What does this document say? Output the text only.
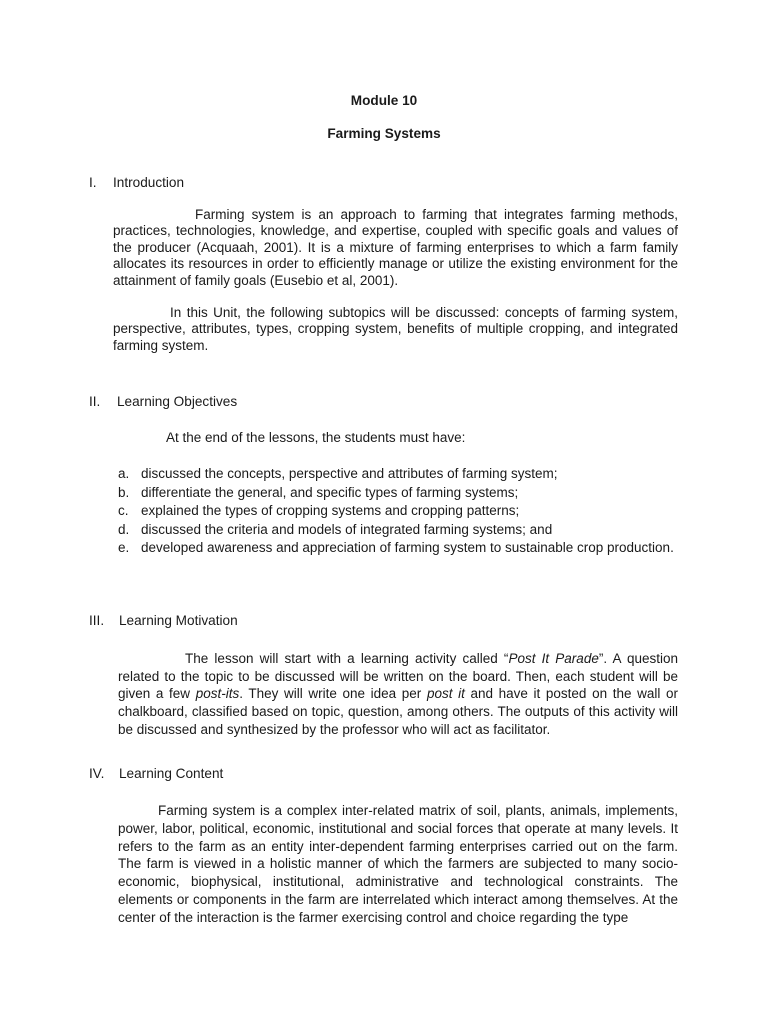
Module 10
Farming Systems
I. Introduction

Farming system is an approach to farming that integrates farming methods, practices, technologies, knowledge, and expertise, coupled with specific goals and values of the producer (Acquaah, 2001). It is a mixture of farming enterprises to which a farm family allocates its resources in order to efficiently manage or utilize the existing environment for the attainment of family goals (Eusebio et al, 2001).

In this Unit, the following subtopics will be discussed: concepts of farming system, perspective, attributes, types, cropping system, benefits of multiple cropping, and integrated farming system.

II. Learning Objectives

At the end of the lessons, the students must have:

a. discussed the concepts, perspective and attributes of farming system;
b. differentiate the general, and specific types of farming systems;
c. explained the types of cropping systems and cropping patterns;
d. discussed the criteria and models of integrated farming systems; and
e. developed awareness and appreciation of farming system to sustainable crop production.
III. Learning Motivation

The lesson will start with a learning activity called “Post It Parade”. A question related to the topic to be discussed will be written on the board. Then, each student will be given a few post-its. They will write one idea per post it and have it posted on the wall or chalkboard, classified based on topic, question, among others. The outputs of this activity will be discussed and synthesized by the professor who will act as facilitator.

IV. Learning Content

Farming system is a complex inter-related matrix of soil, plants, animals, implements, power, labor, political, economic, institutional and social forces that operate at many levels. It refers to the farm as an entity inter-dependent farming enterprises carried out on the farm. The farm is viewed in a holistic manner of which the farmers are subjected to many socio-economic, biophysical, institutional, administrative and technological constraints. The elements or components in the farm are interrelated which interact among themselves. At the center of the interaction is the farmer exercising control and choice regarding the type
